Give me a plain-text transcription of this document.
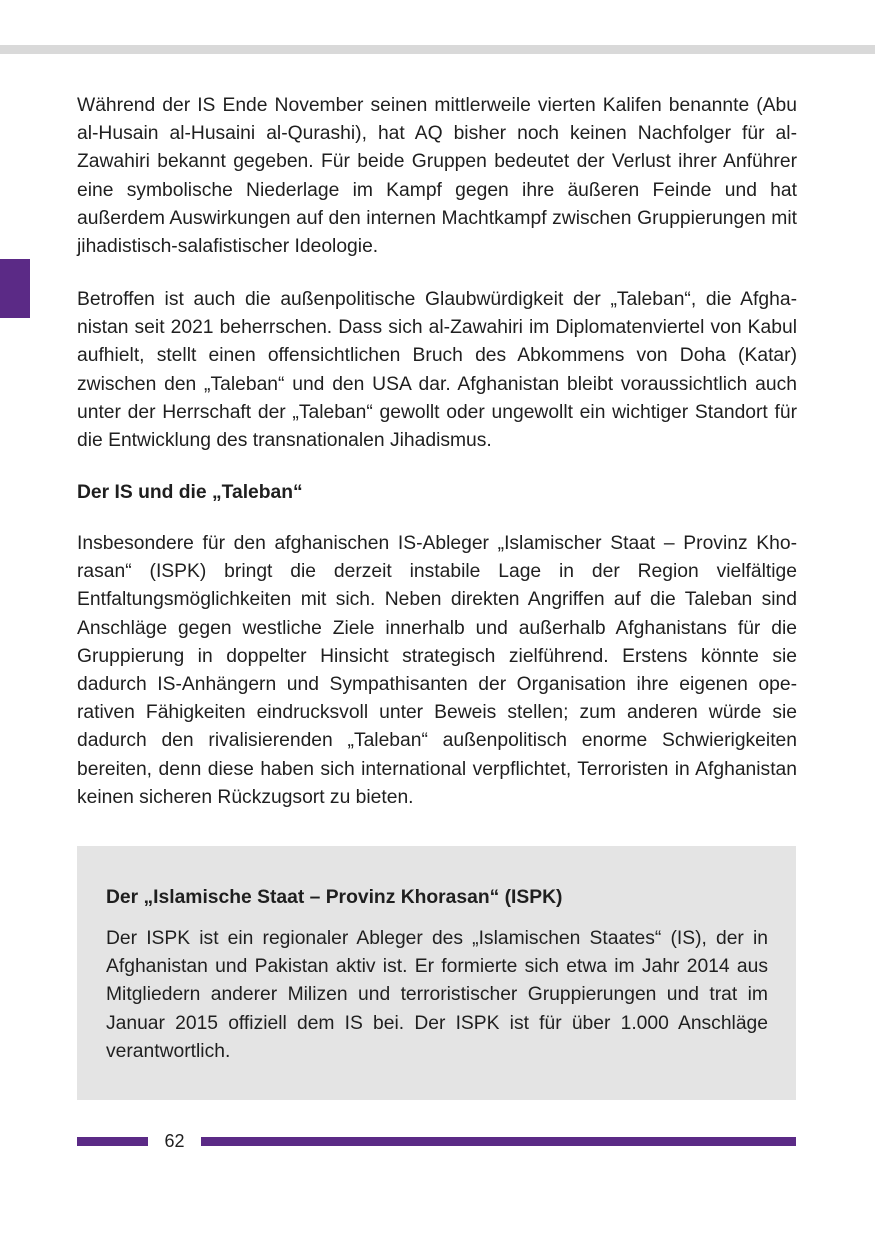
Während der IS Ende November seinen mittlerweile vierten Kalifen benannte (Abu al-Husain al-Husaini al-Qurashi), hat AQ bisher noch keinen Nachfolger für al-Zawahiri bekannt gegeben. Für beide Gruppen bedeutet der Verlust ihrer Anführer eine symbolische Niederlage im Kampf gegen ihre äußeren Feinde und hat außerdem Auswirkungen auf den internen Machtkampf zwischen Gruppierungen mit jihadistisch-salafistischer Ideologie.

Betroffen ist auch die außenpolitische Glaubwürdigkeit der „Taleban“, die Afghanistan seit 2021 beherrschen. Dass sich al-Zawahiri im Diplomatenviertel von Kabul aufhielt, stellt einen offensichtlichen Bruch des Abkommens von Doha (Katar) zwischen den „Taleban“ und den USA dar. Afghanistan bleibt voraussichtlich auch unter der Herrschaft der „Taleban“ gewollt oder ungewollt ein wichtiger Standort für die Entwicklung des transnationalen Jihadismus.

Der IS und die „Taleban“

Insbesondere für den afghanischen IS-Ableger „Islamischer Staat – Provinz Khorasan“ (ISPK) bringt die derzeit instabile Lage in der Region vielfältige Entfaltungsmöglichkeiten mit sich. Neben direkten Angriffen auf die Taleban sind Anschläge gegen westliche Ziele innerhalb und außerhalb Afghanistans für die Gruppierung in doppelter Hinsicht strategisch zielführend. Erstens könnte sie dadurch IS-Anhängern und Sympathisanten der Organisation ihre eigenen operativen Fähigkeiten eindrucksvoll unter Beweis stellen; zum anderen würde sie dadurch den rivalisierenden „Taleban“ außenpolitisch enorme Schwierigkeiten bereiten, denn diese haben sich international verpflichtet, Terroristen in Afghanistan keinen sicheren Rückzugsort zu bieten.

Der „Islamische Staat – Provinz Khorasan“ (ISPK)

Der ISPK ist ein regionaler Ableger des „Islamischen Staates“ (IS), der in Afghanistan und Pakistan aktiv ist. Er formierte sich etwa im Jahr 2014 aus Mitgliedern anderer Milizen und terroristischer Gruppierungen und trat im Januar 2015 offiziell dem IS bei. Der ISPK ist für über 1.000 Anschläge verantwortlich.

62
